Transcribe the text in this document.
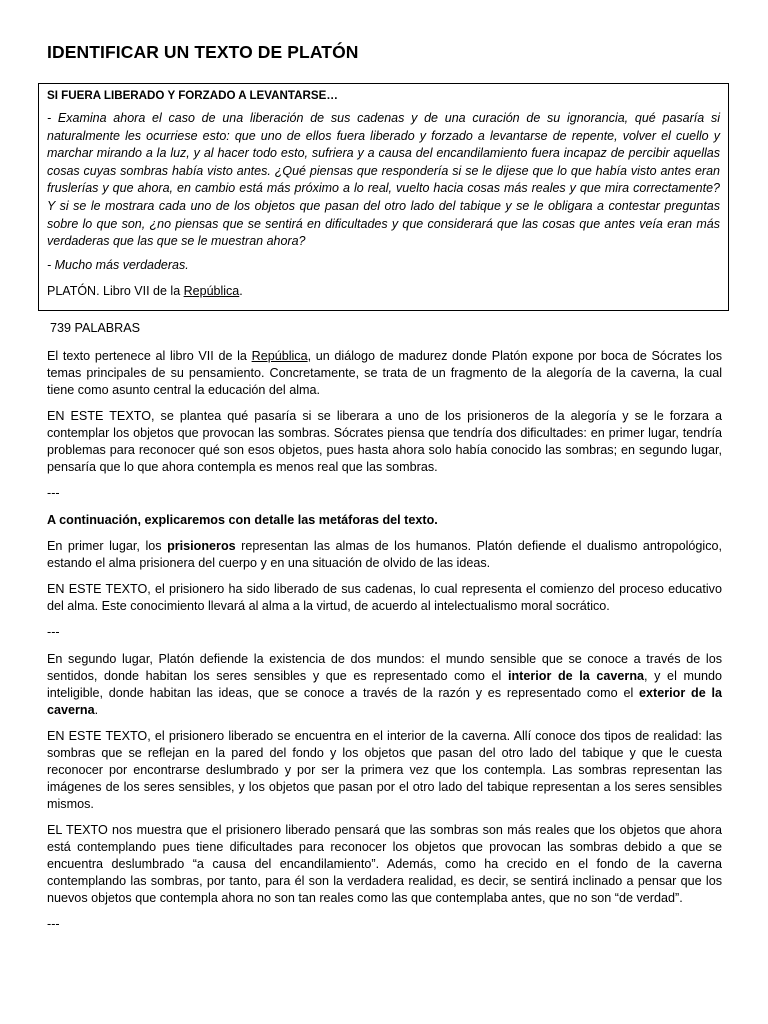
IDENTIFICAR UN TEXTO DE PLATÓN

SI FUERA LIBERADO Y FORZADO A LEVANTARSE…

- Examina ahora el caso de una liberación de sus cadenas y de una curación de su ignorancia, qué pasaría si naturalmente les ocurriese esto: que uno de ellos fuera liberado y forzado a levantarse de repente, volver el cuello y marchar mirando a la luz, y al hacer todo esto, sufriera y a causa del encandilamiento fuera incapaz de percibir aquellas cosas cuyas sombras había visto antes. ¿Qué piensas que respondería si se le dijese que lo que había visto antes eran fruslerías y que ahora, en cambio está más próximo a lo real, vuelto hacia cosas más reales y que mira correctamente? Y si se le mostrara cada uno de los objetos que pasan del otro lado del tabique y se le obligara a contestar preguntas sobre lo que son, ¿no piensas que se sentirá en dificultades y que considerará que las cosas que antes veía eran más verdaderas que las que se le muestran ahora?

- Mucho más verdaderas.

PLATÓN. Libro VII de la República.

739 PALABRAS

El texto pertenece al libro VII de la República, un diálogo de madurez donde Platón expone por boca de Sócrates los temas principales de su pensamiento. Concretamente, se trata de un fragmento de la alegoría de la caverna, la cual tiene como asunto central la educación del alma.

EN ESTE TEXTO, se plantea qué pasaría si se liberara a uno de los prisioneros de la alegoría y se le forzara a contemplar los objetos que provocan las sombras. Sócrates piensa que tendría dos dificultades: en primer lugar, tendría problemas para reconocer qué son esos objetos, pues hasta ahora solo había conocido las sombras; en segundo lugar, pensaría que lo que ahora contempla es menos real que las sombras.

---

A continuación, explicaremos con detalle las metáforas del texto.

En primer lugar, los prisioneros representan las almas de los humanos. Platón defiende el dualismo antropológico, estando el alma prisionera del cuerpo y en una situación de olvido de las ideas.

EN ESTE TEXTO, el prisionero ha sido liberado de sus cadenas, lo cual representa el comienzo del proceso educativo del alma. Este conocimiento llevará al alma a la virtud, de acuerdo al intelectualismo moral socrático.

---

En segundo lugar, Platón defiende la existencia de dos mundos: el mundo sensible que se conoce a través de los sentidos, donde habitan los seres sensibles y que es representado como el interior de la caverna, y el mundo inteligible, donde habitan las ideas, que se conoce a través de la razón y es representado como el exterior de la caverna.

EN ESTE TEXTO, el prisionero liberado se encuentra en el interior de la caverna. Allí conoce dos tipos de realidad: las sombras que se reflejan en la pared del fondo y los objetos que pasan del otro lado del tabique y que le cuesta reconocer por encontrarse deslumbrado y por ser la primera vez que los contempla. Las sombras representan las imágenes de los seres sensibles, y los objetos que pasan por el otro lado del tabique representan a los seres sensibles mismos.

EL TEXTO nos muestra que el prisionero liberado pensará que las sombras son más reales que los objetos que ahora está contemplando pues tiene dificultades para reconocer los objetos que provocan las sombras debido a que se encuentra deslumbrado “a causa del encandilamiento”. Además, como ha crecido en el fondo de la caverna contemplando las sombras, por tanto, para él son la verdadera realidad, es decir, se sentirá inclinado a pensar que los nuevos objetos que contempla ahora no son tan reales como las que contemplaba antes, que no son “de verdad”.

---
